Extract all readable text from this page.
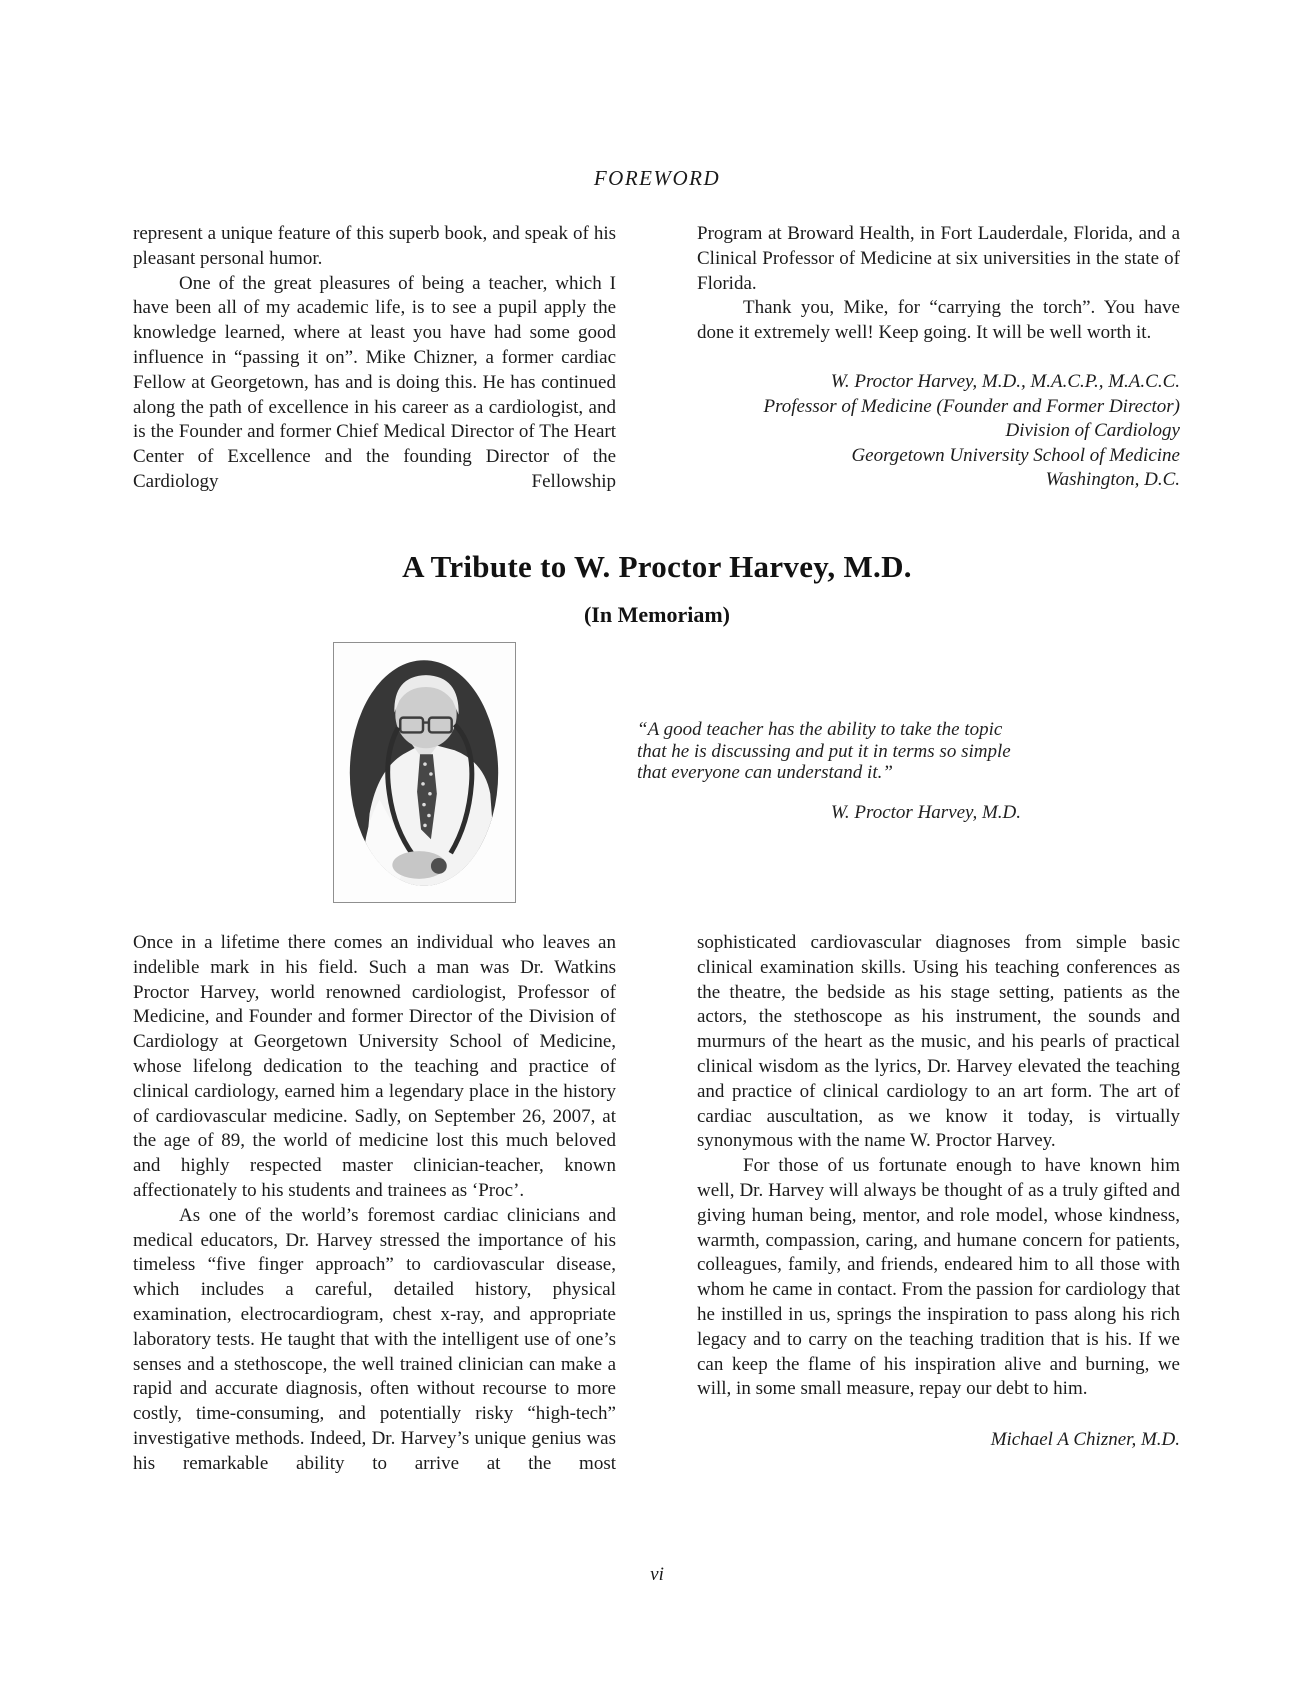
FOREWORD

represent a unique feature of this superb book, and speak of his pleasant personal humor.

One of the great pleasures of being a teacher, which I have been all of my academic life, is to see a pupil apply the knowledge learned, where at least you have had some good influence in “passing it on”. Mike Chizner, a former cardiac Fellow at Georgetown, has and is doing this. He has continued along the path of excellence in his career as a cardiologist, and is the Founder and former Chief Medical Director of The Heart Center of Excellence and the founding Director of the Cardiology Fellowship

Program at Broward Health, in Fort Lauderdale, Florida, and a Clinical Professor of Medicine at six universities in the state of Florida.

Thank you, Mike, for “carrying the torch”. You have done it extremely well! Keep going. It will be well worth it.

W. Proctor Harvey, M.D., M.A.C.P., M.A.C.C.
Professor of Medicine (Founder and Former Director)
Division of Cardiology
Georgetown University School of Medicine
Washington, D.C.
A Tribute to W. Proctor Harvey, M.D.
(In Memoriam)
“A good teacher has the ability to take the topic that he is discussing and put it in terms so simple that everyone can understand it.”
W. Proctor Harvey, M.D.

Once in a lifetime there comes an individual who leaves an indelible mark in his field. Such a man was Dr. Watkins Proctor Harvey, world renowned cardiologist, Professor of Medicine, and Founder and former Director of the Division of Cardiology at Georgetown University School of Medicine, whose lifelong dedication to the teaching and practice of clinical cardiology, earned him a legendary place in the history of cardiovascular medicine. Sadly, on September 26, 2007, at the age of 89, the world of medicine lost this much beloved and highly respected master clinician-teacher, known affectionately to his students and trainees as ‘Proc’.

As one of the world’s foremost cardiac clinicians and medical educators, Dr. Harvey stressed the importance of his timeless “five finger approach” to cardiovascular disease, which includes a careful, detailed history, physical examination, electrocardiogram, chest x-ray, and appropriate laboratory tests. He taught that with the intelligent use of one’s senses and a stethoscope, the well trained clinician can make a rapid and accurate diagnosis, often without recourse to more costly, time-consuming, and potentially risky “high-tech” investigative methods. Indeed, Dr. Harvey’s unique genius was his remarkable ability to arrive at the most

sophisticated cardiovascular diagnoses from simple basic clinical examination skills. Using his teaching conferences as the theatre, the bedside as his stage setting, patients as the actors, the stethoscope as his instrument, the sounds and murmurs of the heart as the music, and his pearls of practical clinical wisdom as the lyrics, Dr. Harvey elevated the teaching and practice of clinical cardiology to an art form. The art of cardiac auscultation, as we know it today, is virtually synonymous with the name W. Proctor Harvey.

For those of us fortunate enough to have known him well, Dr. Harvey will always be thought of as a truly gifted and giving human being, mentor, and role model, whose kindness, warmth, compassion, caring, and humane concern for patients, colleagues, family, and friends, endeared him to all those with whom he came in contact. From the passion for cardiology that he instilled in us, springs the inspiration to pass along his rich legacy and to carry on the teaching tradition that is his. If we can keep the flame of his inspiration alive and burning, we will, in some small measure, repay our debt to him.

Michael A Chizner, M.D.
vi
